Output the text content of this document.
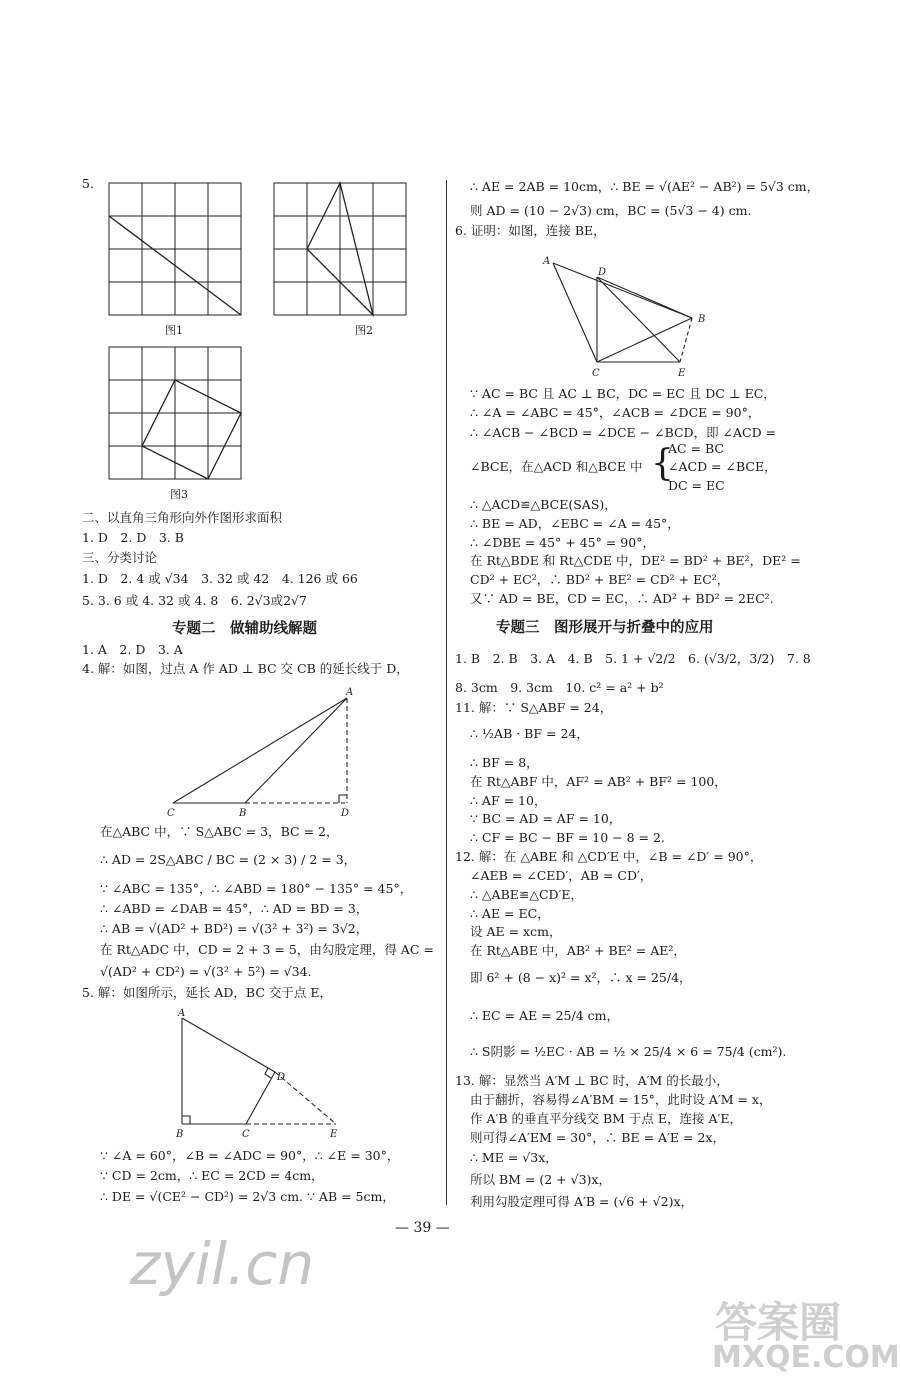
5.
图1	图2
图3
二、以直角三角形向外作图形求面积
1. D　2. D　3. B
三、分类讨论
1. D　2. 4 或 √34　3. 32 或 42　4. 126 或 66
5. 3. 6 或 4. 32 或 4. 8　6. 2√3或2√7
专题二　做辅助线解题
1. A　2. D　3. A
4. 解：如图，过点 A 作 AD ⊥ BC 交 CB 的延长线于 D，
A
C	B	D
在△ABC 中，∵ S△ABC = 3，BC = 2，
∴ AD = 2S△ABC / BC = (2 × 3) / 2 = 3，
∵ ∠ABC = 135°，∴ ∠ABD = 180° − 135° = 45°，
∴ ∠ABD = ∠DAB = 45°，∴ AD = BD = 3，
∴ AB = √(AD² + BD²) = √(3² + 3²) = 3√2，
在 Rt△ADC 中，CD = 2 + 3 = 5，由勾股定理，得 AC =
√(AD² + CD²) = √(3² + 5²) = √34.
5. 解：如图所示，延长 AD，BC 交于点 E，
A
D
B	C	E
∵ ∠A = 60°，∠B = ∠ADC = 90°，∴ ∠E = 30°，
∵ CD = 2cm，∴ EC = 2CD = 4cm，
∴ DE = √(CE² − CD²) = 2√3 cm. ∵ AB = 5cm，
∴ AE = 2AB = 10cm，∴ BE = √(AE² − AB²) = 5√3 cm，
则 AD = (10 − 2√3) cm，BC = (5√3 − 4) cm.
6. 证明：如图，连接 BE，
A
D
B
C	E
∵ AC = BC 且 AC ⊥ BC，DC = EC 且 DC ⊥ EC，
∴ ∠A = ∠ABC = 45°，∠ACB = ∠DCE = 90°，
∴ ∠ACB − ∠BCD = ∠DCE − ∠BCD，即 ∠ACD =
∠BCE，在△ACD 和△BCE 中 {
AC = BC
∠ACD = ∠BCE，
DC = EC
∴ △ACD≌△BCE(SAS)，
∴ BE = AD，∠EBC = ∠A = 45°，
∴ ∠DBE = 45° + 45° = 90°，
在 Rt△BDE 和 Rt△CDE 中，DE² = BD² + BE²，DE² =
CD² + EC²，∴ BD² + BE² = CD² + EC²，
又∵ AD = BE，CD = EC，∴ AD² + BD² = 2EC².
专题三　图形展开与折叠中的应用
1. B　2. B　3. A　4. B　5. 1 + √2/2　6. (√3/2，3/2)　7. 8
8. 3cm　9. 3cm　10. c² = a² + b²
11. 解：∵ S△ABF = 24，
∴ ½AB · BF = 24，
∴ BF = 8，
在 Rt△ABF 中，AF² = AB² + BF² = 100，
∴ AF = 10，
∵ BC = AD = AF = 10，
∴ CF = BC − BF = 10 − 8 = 2.
12. 解：在 △ABE 和 △CD′E 中，∠B = ∠D′ = 90°，
∠AEB = ∠CED′，AB = CD′，
∴ △ABE≌△CD′E，
∴ AE = EC，
设 AE = xcm，
在 Rt△ABE 中，AB² + BE² = AE²，
即 6² + (8 − x)² = x²，∴ x = 25/4，
∴ EC = AE = 25/4 cm，
∴ S阴影 = ½EC · AB = ½ × 25/4 × 6 = 75/4 (cm²).
13. 解：显然当 A′M ⊥ BC 时，A′M 的长最小，
由于翻折，容易得∠A′BM = 15°，此时设 A′M = x，
作 A′B 的垂直平分线交 BM 于点 E，连接 A′E，
则可得∠A′EM = 30°，∴ BE = A′E = 2x，
∴ ME = √3x，
所以 BM = (2 + √3)x，
利用勾股定理可得 A′B = (√6 + √2)x，
— 39 —
zyil.cn
答案圈
MXQE.COM
